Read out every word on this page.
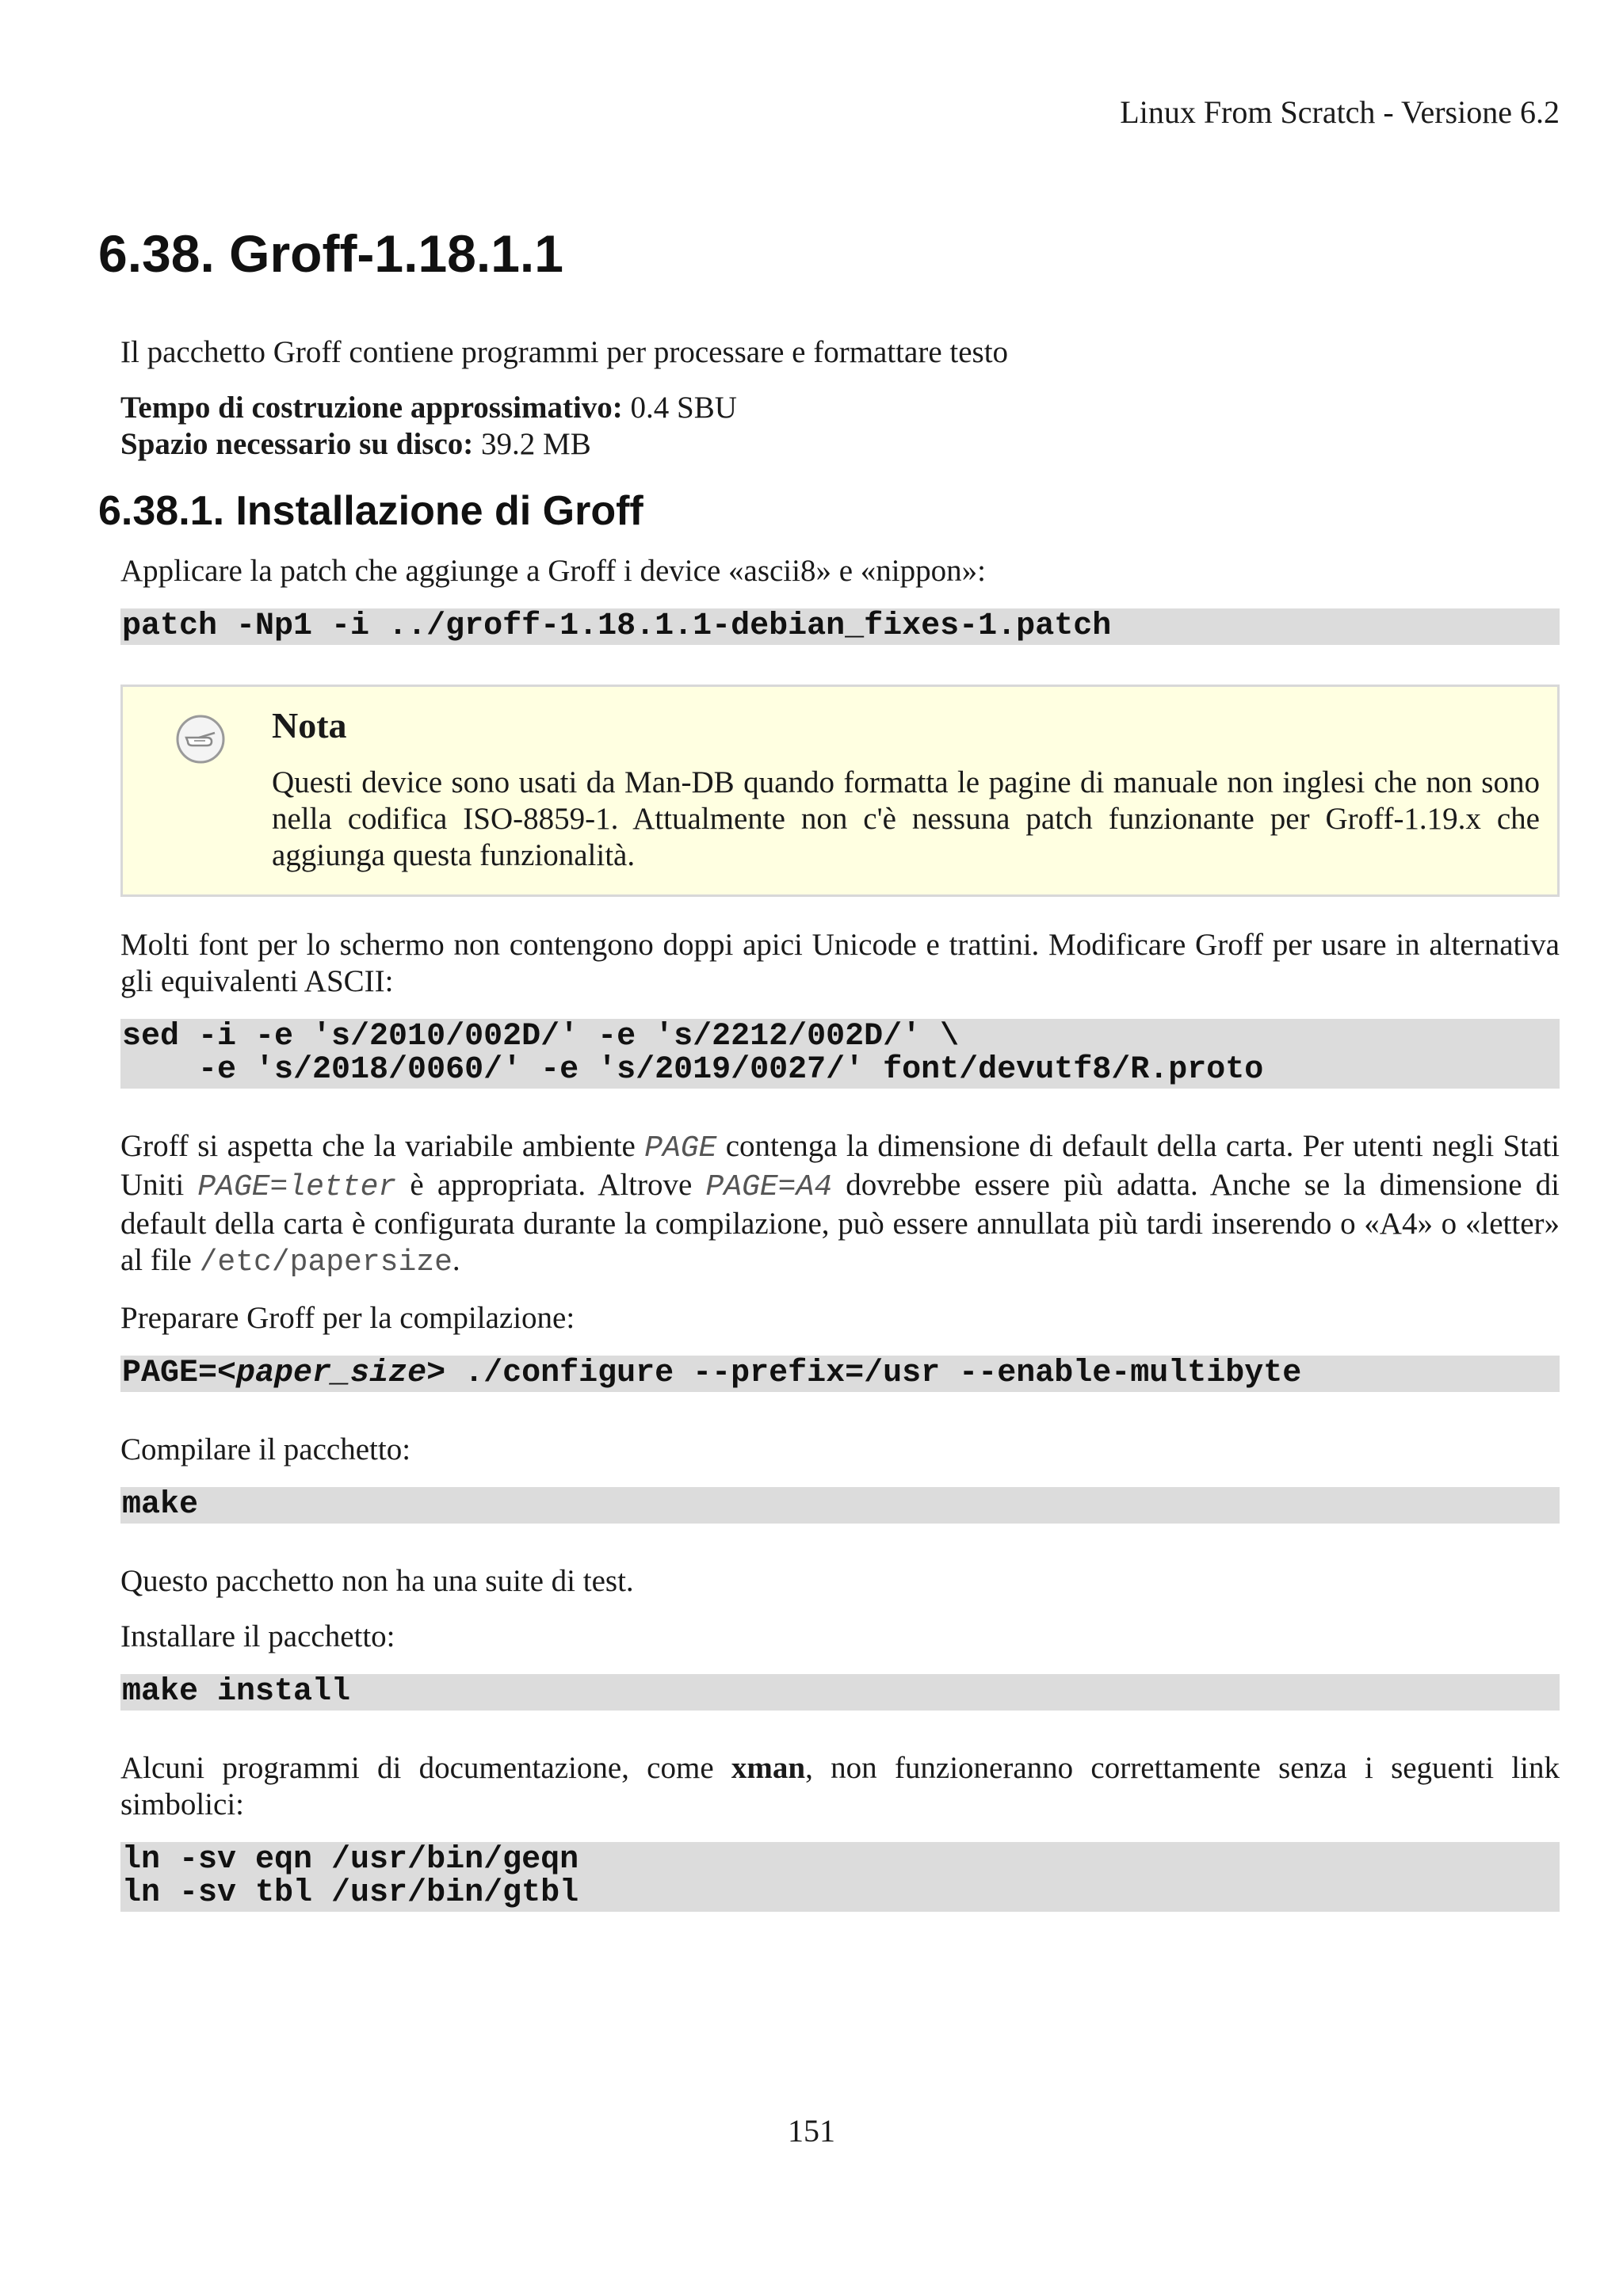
Linux From Scratch - Versione 6.2
6.38. Groff-1.18.1.1

Il pacchetto Groff contiene programmi per processare e formattare testo

Tempo di costruzione approssimativo: 0.4 SBU

Spazio necessario su disco: 39.2 MB

6.38.1. Installazione di Groff

Applicare la patch che aggiunge a Groff i device «ascii8» e «nippon»:

patch -Np1 -i ../groff-1.18.1.1-debian_fixes-1.patch
Nota

Questi device sono usati da Man-DB quando formatta le pagine di manuale non inglesi che non sono nella codifica ISO-8859-1. Attualmente non c'è nessuna patch funzionante per Groff-1.19.x che aggiunga questa funzionalità.

Molti font per lo schermo non contengono doppi apici Unicode e trattini. Modificare Groff per usare in alternativa gli equivalenti ASCII:

sed -i -e 's/2010/002D/' -e 's/2212/002D/' \
-e 's/2018/0060/' -e 's/2019/0027/' font/devutf8/R.proto

Groff si aspetta che la variabile ambiente PAGE contenga la dimensione di default della carta. Per utenti negli Stati Uniti PAGE=letter è appropriata. Altrove PAGE=A4 dovrebbe essere più adatta. Anche se la dimensione di default della carta è configurata durante la compilazione, può essere annullata più tardi inserendo o «A4» o «letter» al file /etc/papersize.

Preparare Groff per la compilazione:

PAGE=<paper_size> ./configure --prefix=/usr --enable-multibyte

Compilare il pacchetto:

make

Questo pacchetto non ha una suite di test.

Installare il pacchetto:

make install

Alcuni programmi di documentazione, come xman, non funzioneranno correttamente senza i seguenti link simbolici:

ln -sv eqn /usr/bin/geqn
ln -sv tbl /usr/bin/gtbl
151
